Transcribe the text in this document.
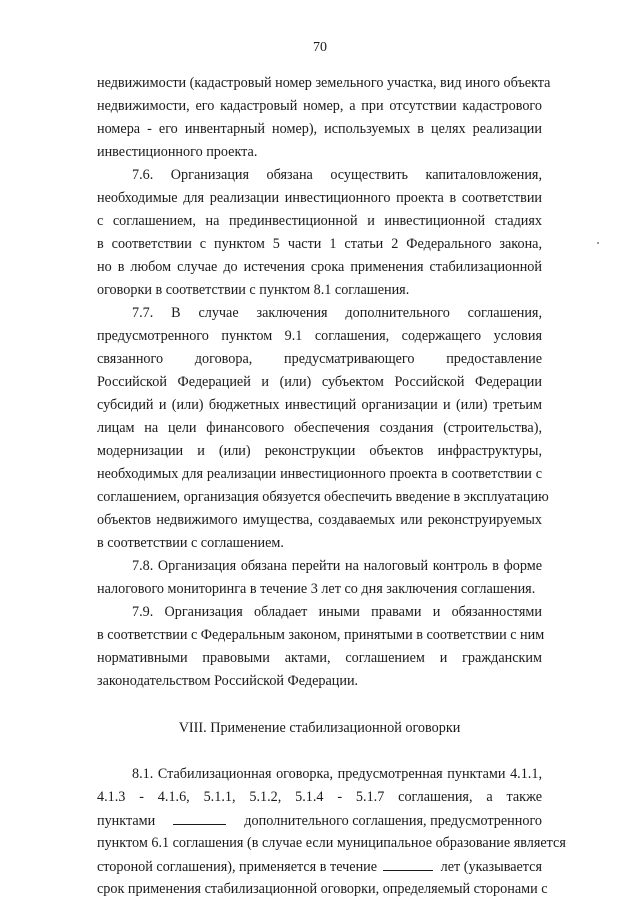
70
недвижимости (кадастровый номер земельного участка, вид иного объекта
недвижимости, его кадастровый номер, а при отсутствии кадастрового
номера - его инвентарный номер), используемых в целях реализации
инвестиционного проекта.
7.6. Организация обязана осуществить капиталовложения,
необходимые для реализации инвестиционного проекта в соответствии
с соглашением, на прединвестиционной и инвестиционной стадиях
в соответствии с пунктом 5 части 1 статьи 2 Федерального закона,
но в любом случае до истечения срока применения стабилизационной
оговорки в соответствии с пунктом 8.1 соглашения.
7.7. В случае заключения дополнительного соглашения,
предусмотренного пунктом 9.1 соглашения, содержащего условия
связанного договора, предусматривающего предоставление
Российской Федерацией и (или) субъектом Российской Федерации
субсидий и (или) бюджетных инвестиций организации и (или) третьим
лицам на цели финансового обеспечения создания (строительства),
модернизации и (или) реконструкции объектов инфраструктуры,
необходимых для реализации инвестиционного проекта в соответствии с
соглашением, организация обязуется обеспечить введение в эксплуатацию
объектов недвижимого имущества, создаваемых или реконструируемых
в соответствии с соглашением.
7.8. Организация обязана перейти на налоговый контроль в форме
налогового мониторинга в течение 3 лет со дня заключения соглашения.
7.9. Организация обладает иными правами и обязанностями
в соответствии с Федеральным законом, принятыми в соответствии с ним
нормативными правовыми актами, соглашением и гражданским
законодательством Российской Федерации.
VIII. Применение стабилизационной оговорки
8.1. Стабилизационная оговорка, предусмотренная пунктами 4.1.1,
4.1.3 - 4.1.6, 5.1.1, 5.1.2, 5.1.4 - 5.1.7 соглашения, а также
пунктами	дополнительного соглашения, предусмотренного
пунктом 6.1 соглашения (в случае если муниципальное образование является
стороной соглашения), применяется в течение	лет (указывается
срок применения стабилизационной оговорки, определяемый сторонами с
